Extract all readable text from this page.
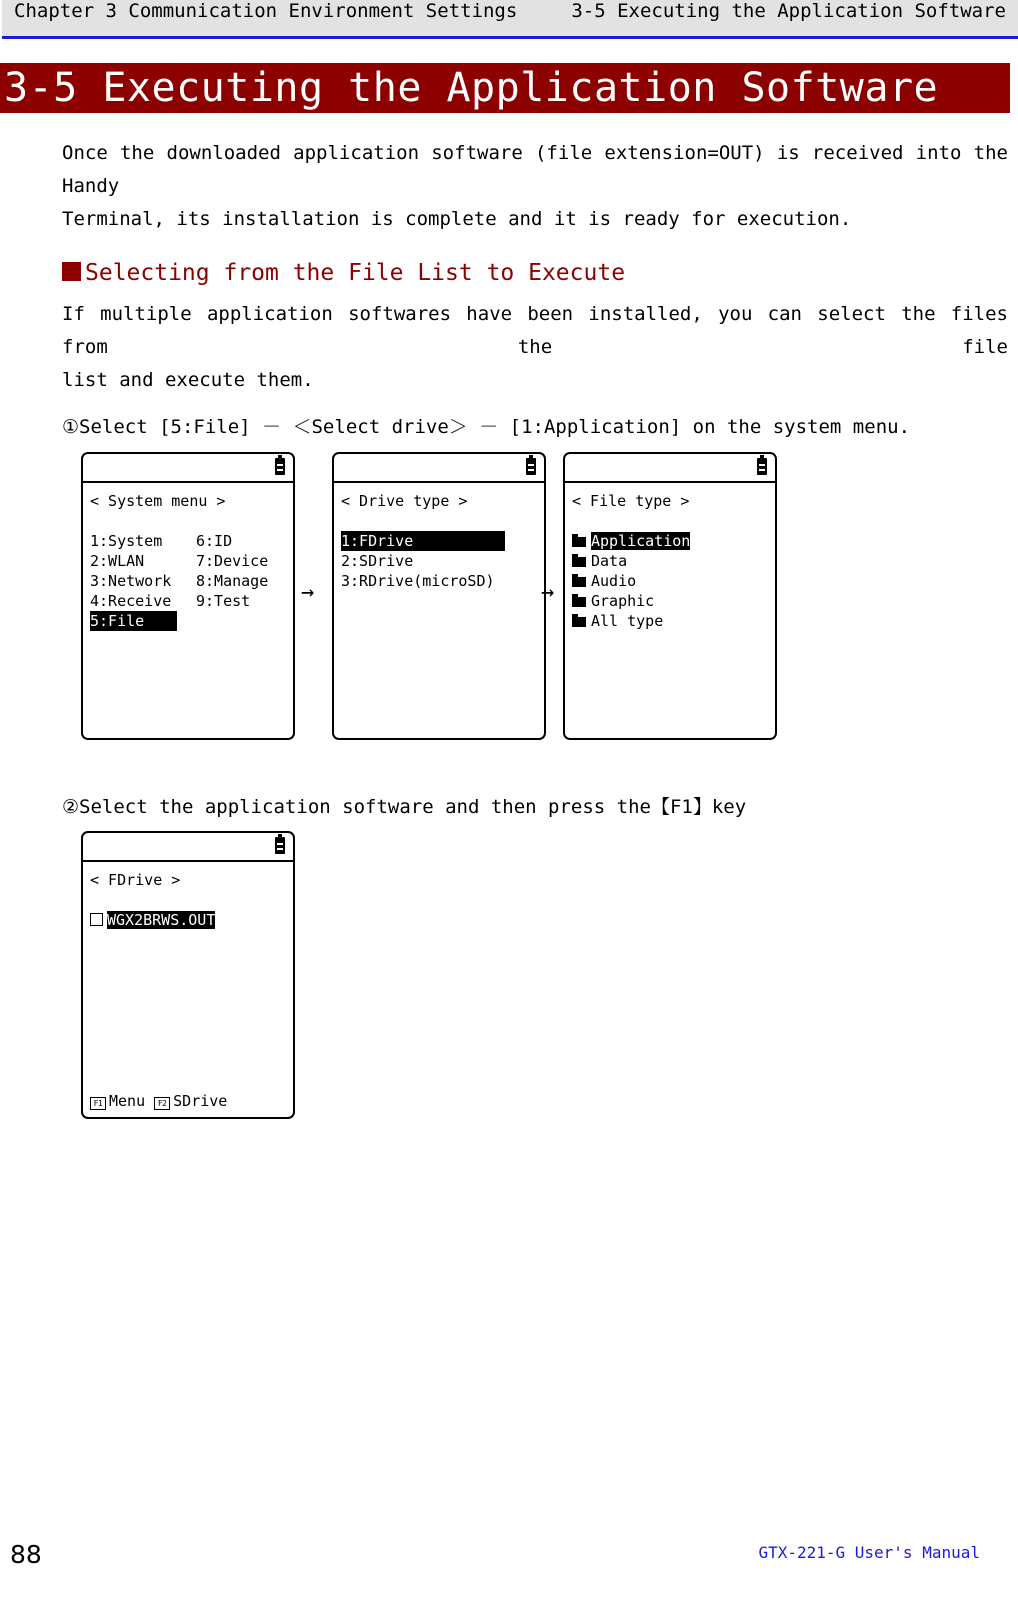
Chapter 3 Communication Environment Settings	3-5 Executing the Application Software
3-5 Executing the Application Software
Once the downloaded application software (file extension=OUT) is received into the Handy
Terminal, its installation is complete and it is ready for execution.
Selecting from the File List to Execute
If multiple application softwares have been installed, you can select the files from the file
list and execute them.
①Select [5:File] － ＜Select drive＞ － [1:Application] on the system menu.
< System menu >
1:System
2:WLAN
3:Network
4:Receive
5:File
6:ID
7:Device
8:Manage
9:Test →
< Drive type >
1:FDrive
2:SDrive
3:RDrive(microSD) →
< File type >
Application
Data
Audio
Graphic
All type
②Select the application software and then press the【F1】key
< FDrive >
WGX2BRWS.OUT
F1 Menu F2 SDrive
88	GTX-221-G User's Manual
